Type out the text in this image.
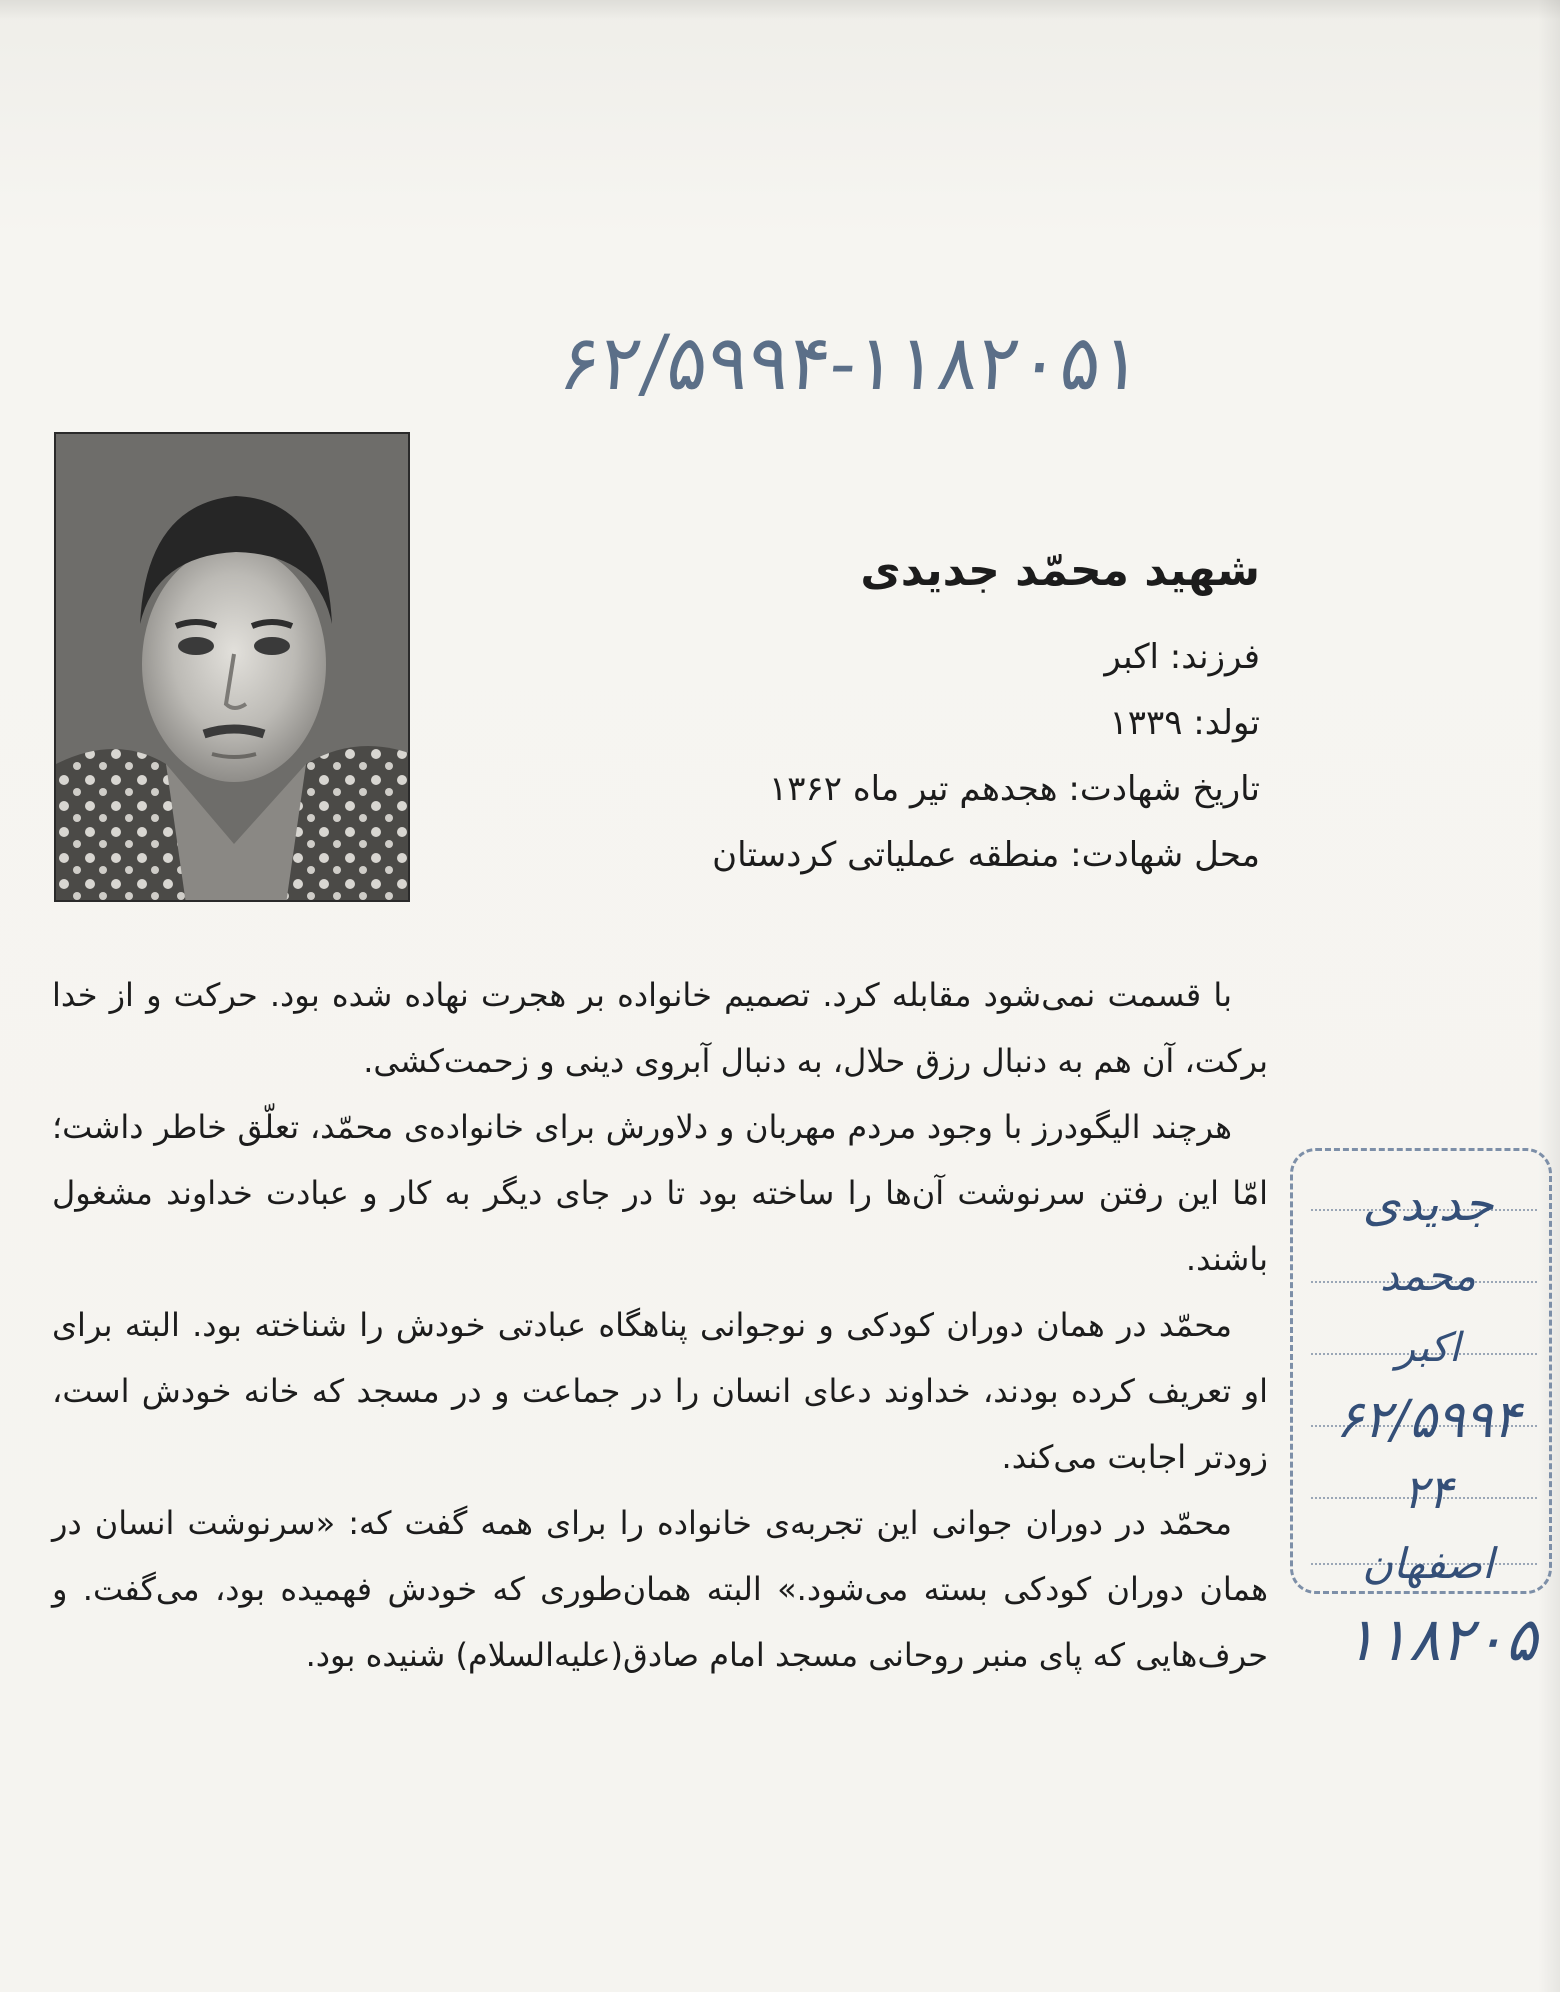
۶۲/۵۹۹۴-۱۱۸۲۰۵۱
شهید محمّد جدیدی
فرزند: اکبر
تولد: ۱۳۳۹
تاریخ شهادت: هجدهم تیر ماه ۱۳۶۲
محل شهادت: منطقه عملیاتی کردستان

با قسمت نمی‌شود مقابله کرد. تصمیم خانواده بر هجرت نهاده شده بود. حرکت و از خدا برکت، آن هم به دنبال رزق حلال، به دنبال آبروی دینی و زحمت‌کشی.

هرچند الیگودرز با وجود مردم مهربان و دلاورش برای خانواده‌ی محمّد، تعلّق خاطر داشت؛ امّا این رفتن سرنوشت آن‌ها را ساخته بود تا در جای دیگر به کار و عبادت خداوند مشغول باشند.

محمّد در همان دوران کودکی و نوجوانی پناهگاه عبادتی خودش را شناخته بود. البته برای او تعریف کرده بودند، خداوند دعای انسان را در جماعت و در مسجد که خانه خودش است، زودتر اجابت می‌کند.

محمّد در دوران جوانی این تجربه‌ی خانواده را برای همه گفت که: «سرنوشت انسان در همان دوران کودکی بسته می‌شود.» البته همان‌طوری که خودش فهمیده بود، می‌گفت. و حرف‌هایی که پای منبر روحانی مسجد امام صادق(علیه‌السلام) شنیده بود.

جدیدی
محمد
اکبر
۶۲/۵۹۹۴
۲۴
اصفهان
۱۱۸۲۰۵
